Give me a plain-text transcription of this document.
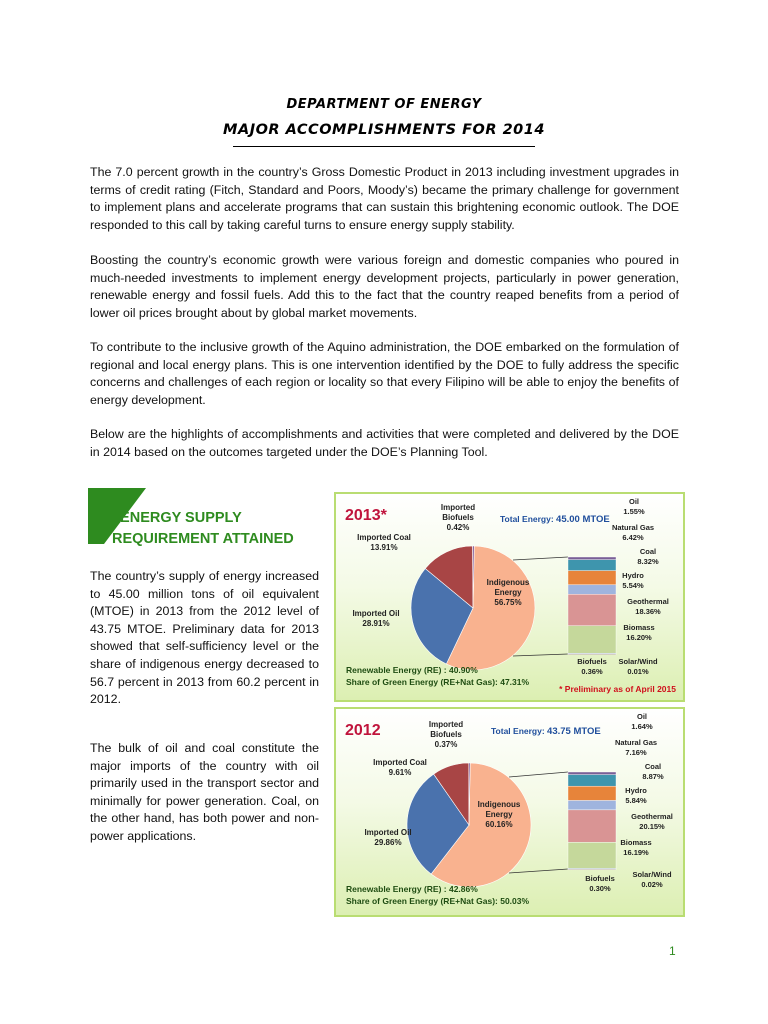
DEPARTMENT OF ENERGY
MAJOR ACCOMPLISHMENTS FOR 2014
The 7.0 percent growth in the country’s Gross Domestic Product in 2013 including investment upgrades in terms of credit rating (Fitch, Standard and Poors, Moody’s) became the primary challenge for government to implement plans and accelerate programs that can sustain this brightening economic outlook. The DOE responded to this call by taking careful turns to ensure energy supply stability.
Boosting the country’s economic growth were various foreign and domestic companies who poured in much-needed investments to implement energy development projects, particularly in power generation, renewable energy and fossil fuels. Add this to the fact that the country reaped benefits from a period of lower oil prices brought about by global market movements.
To contribute to the inclusive growth of the Aquino administration, the DOE embarked on the formulation of regional and local energy plans. This is one intervention identified by the DOE to fully address the specific concerns and challenges of each region or locality so that every Filipino will be able to enjoy the benefits of energy development.
Below are the highlights of accomplishments and activities that were completed and delivered by the DOE in 2014 based on the outcomes targeted under the DOE’s Planning Tool.
I ENERGY SUPPLY
REQUIREMENT ATTAINED
The country’s supply of energy increased to 45.00 million tons of oil equivalent (MTOE) in 2013 from the 2012 level of 43.75 MTOE. Preliminary data for 2013 showed that self-sufficiency level or the share of indigenous energy decreased to 56.7 percent in 2013 from 60.2 percent in 2012.
The bulk of oil and coal constitute the major imports of the country with oil primarily used in the transport sector and minimally for power generation. Coal, on the other hand, has both power and non-power applications.
2013*	Total Energy: 45.00 MTOE
Indigenous
Energy
56.75%
Imported Oil
28.91%
Imported Coal
13.91%
Imported
Biofuels
0.42%
Oil
1.55%
Natural Gas
6.42%
Coal
8.32%
Hydro
5.54%
Geothermal
18.36%
Biomass
16.20%
Biofuels
0.36%
Solar/Wind
0.01%
Renewable Energy (RE) : 40.90%
Share of Green Energy (RE+Nat Gas): 47.31%
* Preliminary as of April 2015
2012	Total Energy: 43.75 MTOE
Indigenous
Energy
60.16%
Imported Oil
29.86%
Imported Coal
9.61%
Imported
Biofuels
0.37%
Oil
1.64%
Natural Gas
7.16%
Coal
8.87%
Hydro
5.84%
Geothermal
20.15%
Biomass
16.19%
Biofuels
0.30%
Solar/Wind
0.02%
Renewable Energy (RE) : 42.86%
Share of Green Energy (RE+Nat Gas): 50.03%
1
